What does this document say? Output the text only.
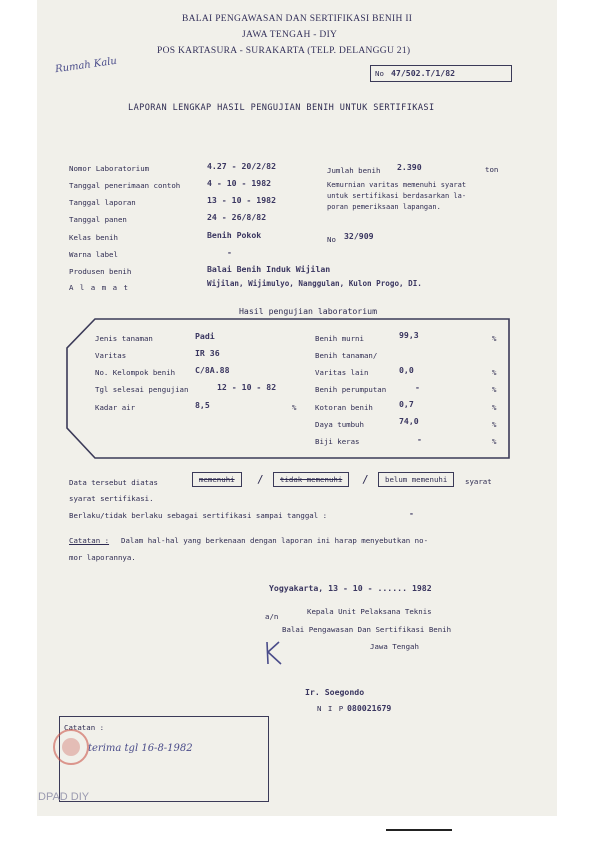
BALAI PENGAWASAN DAN SERTIFIKASI BENIH II
JAWA TENGAH - DIY
POS KARTASURA - SURAKARTA (TELP. DELANGGU 21)
Rumah Kalu	No 47/502.T/1/82
LAPORAN LENGKAP HASIL PENGUJIAN BENIH UNTUK SERTIFIKASI
Nomor Laboratorium	4.27 - 20/2/82
Tanggal penerimaan contoh	4 - 10 - 1982
Tanggal laporan	13 - 10 - 1982
Tanggal panen	24 - 26/8/82
Kelas benih	Benih Pokok	No 32/909
Warna label	-
Produsen benih	Balai Benih Induk Wijilan
A l a m a t	Wijilan, Wijimulyo, Nanggulan, Kulon Progo, DI.
Jumlah benih 2.390	ton
Kemurnian varitas memenuhi syarat
untuk sertifikasi berdasarkan la-
poran pemeriksaan lapangan.
Hasil pengujian laboratorium
Jenis tanaman	Padi
Varitas	IR 36
No. Kelompok benih C/8A.88
Tgl selesai pengujian	12 - 10 - 82
Kadar air	8,5	%
Benih murni	99,3	%
Benih tanaman/
Varitas lain	0,0	%
Benih perumputan	-	%
Kotoran benih	0,7	%
Daya tumbuh	74,0	%
Biji keras	-	%
Data tersebut diatas	memenuhi	/	tidak memenuhi	/	belum memenuhi	syarat
syarat sertifikasi.
Berlaku/tidak berlaku sebagai sertifikasi sampai tanggal :	-
Catatan : Dalam hal-hal yang berkenaan dengan laporan ini harap menyebutkan no-
mor laporannya.
Yogyakarta, 13 - 10 - ...... 1982
a/n
Kepala Unit Pelaksana Teknis
Balai Pengawasan Dan Sertifikasi Benih
Jawa Tengah
Ir. Soegondo
N I P 080021679
Catatan :
terima tgl 16-8-1982
DPAD DIY
